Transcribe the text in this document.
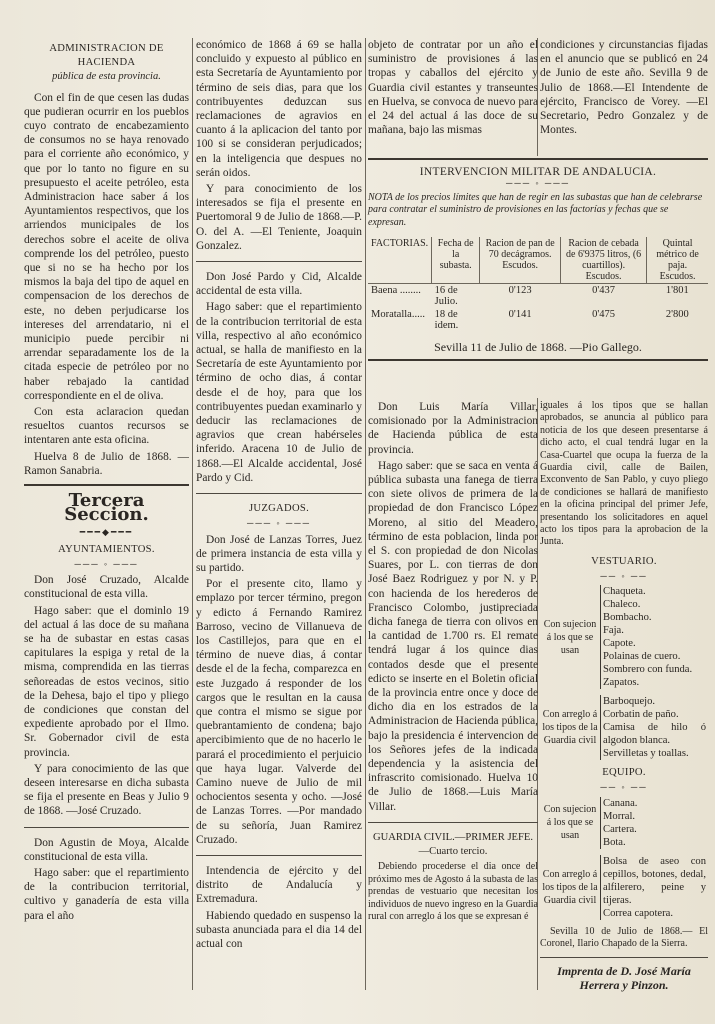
ADMINISTRACION DE HACIENDA
pública de esta provincia.

Con el fin de que cesen las dudas que pudieran ocurrir en los pueblos cuyo contrato de encabezamiento de consumos no se haya renovado para el corriente año económico, y que por lo tanto no figure en su presupuesto el aceite petróleo, esta Administracion hace saber á los Ayuntamientos respectivos, que los arriendos municipales de los derechos sobre el aceite de oliva comprende los del petróleo, puesto que si no se ha hecho por los mismos la baja del tipo de aquel en compensacion de los derechos de este, no deben perjudicarse los intereses del arrendatario, ni el municipio puede percibir ni arrendar separadamente los de la citada especie de petróleo por no haber rebajado la cantidad correspondiente en el de oliva.

Con esta aclaracion quedan resueltos cuantos recursos se intentaren ante esta oficina.

Huelva 8 de Julio de 1868. —Ramon Sanabria.

Tercera Seccion.
━━━◆━━━
AYUNTAMIENTOS.
─── ◦ ───

Don José Cruzado, Alcalde constitucional de esta villa.

Hago saber: que el dominlo 19 del actual á las doce de su mañana se ha de subastar en estas casas capitulares la espiga y retal de la misma, comprendida en las tierras señoreadas de estos vecinos, sitio de la Dehesa, bajo el tipo y pliego de condiciones que constan del expediente aprobado por el Ilmo. Sr. Gobernador civil de esta provincia.

Y para conocimiento de las que deseen interesarse en dicha subasta se fija el presente en Beas y Julio 9 de 1868. —José Cruzado.

Don Agustin de Moya, Alcalde constitucional de esta villa.

Hago saber: que el repartimiento de la contribucion territorial, cultivo y ganadería de esta villa para el año

económico de 1868 á 69 se halla concluido y expuesto al público en esta Secretaría de Ayuntamiento por término de seis dias, para que los contribuyentes deduzcan sus reclamaciones de agravios en cuanto á la aplicacion del tanto por 100 si se consideran perjudicados; en la inteligencia que despues no serán oidos.

Y para conocimiento de los interesados se fija el presente en Puertomoral 9 de Julio de 1868.—P. O. del A. —El Teniente, Joaquin Gonzalez.

Don José Pardo y Cid, Alcalde accidental de esta villa.

Hago saber: que el repartimiento de la contribucion territorial de esta villa, respectivo al año económico actual, se halla de manifiesto en la Secretaría de este Ayuntamiento por término de ocho dias, á contar desde el de hoy, para que los contribuyentes puedan examinarlo y deducir las reclamaciones de agravios que crean habérseles inferido. Aracena 10 de Julio de 1868.—El Alcalde accidental, José Pardo y Cid.

JUZGADOS.
─── ◦ ───

Don José de Lanzas Torres, Juez de primera instancia de esta villa y su partido.

Por el presente cito, llamo y emplazo por tercer término, pregon y edicto á Fernando Ramirez Barroso, vecino de Villanueva de los Castillejos, para que en el término de nueve dias, á contar desde el de la fecha, comparezca en este Juzgado á responder de los cargos que le resultan en la causa que contra el mismo se sigue por quebrantamiento de condena; bajo apercibimiento que de no hacerlo le parará el procedimiento el perjuicio que haya lugar. Valverde del Camino nueve de Julio de mil ochocientos sesenta y ocho. —José de Lanzas Torres. —Por mandado de su señoría, Juan Ramirez Cruzado.

Intendencia de ejército y del distrito de Andalucía y Extremadura.

Habiendo quedado en suspenso la subasta anunciada para el dia 14 del actual con

objeto de contratar por un año el suministro de provisiones á las tropas y caballos del ejército y Guardia civil estantes y transeuntes en Huelva, se convoca de nuevo para el 24 del actual á las doce de su mañana, bajo las mismas

condiciones y circunstancias fijadas en el anuncio que se publicó en 24 de Junio de este año. Sevilla 9 de Julio de 1868.—El Intendente de ejército, Francisco de Vorey. —El Secretario, Pedro Gonzalez y de Montes.

INTERVENCION MILITAR DE ANDALUCIA.
─── ◦ ───

NOTA de los precios límites que han de regir en las subastas que han de celebrarse para contratar el suministro de provisiones en las factorías y fechas que se expresan.

FACTORIAS.	Fecha de la subasta.	Racion de pan de 70 decágramos. Escudos.	Racion de cebada de 6'9375 litros, (6 cuartillos). Escudos.	Quintal métrico de paja. Escudos.
Baena ........	16 de Julio.	0'123	0'437	1'801
Moratalla.....	18 de idem.	0'141	0'475	2'800

Sevilla 11 de Julio de 1868. —Pio Gallego.

Don Luis María Villar, comisionado por la Administracion de Hacienda pública de esta provincia.

Hago saber: que se saca en venta á pública subasta una fanega de tierra con siete olivos de primera de la propiedad de don Francisco López Moreno, al sitio del Meadero, término de esta poblacion, linda por el S. con propiedad de don Nicolas Suares, por L. con tierras de don José Baez Rodriguez y por N. y P. con hacienda de los herederos de Francisco Colombo, justipreciada dicha fanega de tierra con olivos en la cantidad de 1.700 rs. El remate tendrá lugar á los quince dias contados desde que el presente edicto se inserte en el Boletin oficial de la provincia entre once y doce de dicho dia en los estrados de la Administracion de Hacienda pública, bajo la presidencia é intervencion de los Señores jefes de la indicada dependencia y la asistencia del infrascrito comisionado. Huelva 10 de Julio de 1868.—Luis María Villar.

GUARDIA CIVIL.—PRIMER JEFE.—Cuarto tercio.

Debiendo procederse el dia once del próximo mes de Agosto á la subasta de las prendas de vestuario que necesitan los individuos de nuevo ingreso en la Guardia rural con arreglo á los que se expresan é

iguales á los tipos que se hallan aprobados, se anuncia al público para noticia de los que deseen presentarse á dicho acto, el cual tendrá lugar en la Casa-Cuartel que ocupa la fuerza de la Guardia civil, calle de Bailen, Exconvento de San Pablo, y cuyo pliego de condiciones se hallará de manifiesto en la oficina principal del primer Jefe, presentando los solicitadores en aquel acto los tipos para la aprobacion de la Junta.

VESTUARIO.
── ◦ ──
Con sujecion á los que se usan	
Chaqueta.
Chaleco.
Bombacho.
Faja.
Capote.
Polainas de cuero.
Sombrero con funda.
Zapatos.
Con arreglo á los tipos de la Guardia civil	
Barboquejo.
Corbatin de paño.
Camisa de hilo ó algodon blanca.
Servilletas y toallas.
EQUIPO.
── ◦ ──
Con sujecion á los que se usan	
Canana.
Morral.
Cartera.
Bota.
Con arreglo á los tipos de la Guardia civil	
Bolsa de aseo con cepillos, botones, dedal, alfilerero, peine y tijeras.
Correa capotera.

Sevilla 10 de Julio de 1868.— El Coronel, Ilario Chapado de la Sierra.

Imprenta de D. José María Herrera y Pinzon.
